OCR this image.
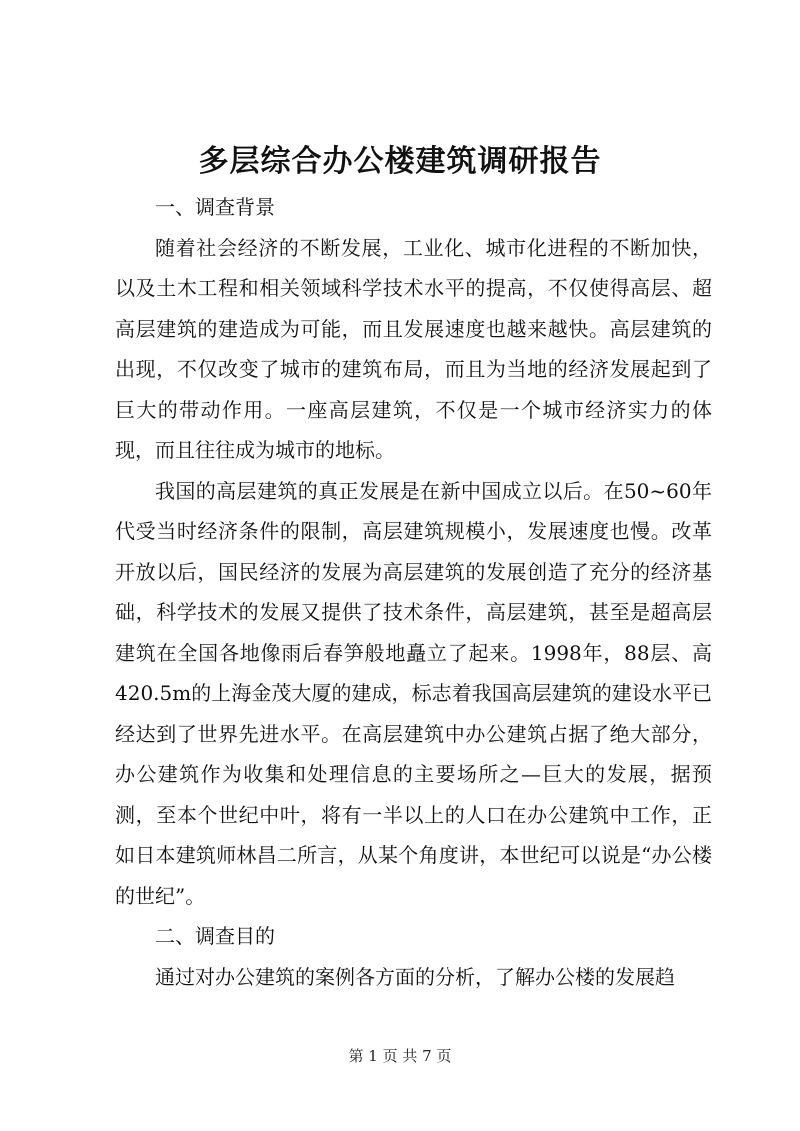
多层综合办公楼建筑调研报告
一、调查背景

随着社会经济的不断发展，工业化、城市化进程的不断加快，以及土木工程和相关领域科学技术水平的提高，不仅使得高层、超高层建筑的建造成为可能，而且发展速度也越来越快。高层建筑的出现，不仅改变了城市的建筑布局，而且为当地的经济发展起到了巨大的带动作用。一座高层建筑，不仅是一个城市经济实力的体现，而且往往成为城市的地标。

我国的高层建筑的真正发展是在新中国成立以后。在50~60年代受当时经济条件的限制，高层建筑规模小，发展速度也慢。改革开放以后，国民经济的发展为高层建筑的发展创造了充分的经济基础，科学技术的发展又提供了技术条件，高层建筑，甚至是超高层建筑在全国各地像雨后春笋般地矗立了起来。1998年，88层、高420.5m的上海金茂大厦的建成，标志着我国高层建筑的建设水平已经达到了世界先进水平。在高层建筑中办公建筑占据了绝大部分，办公建筑作为收集和处理信息的主要场所之—巨大的发展，据预测，至本个世纪中叶，将有一半以上的人口在办公建筑中工作，正如日本建筑师林昌二所言，从某个角度讲，本世纪可以说是“办公楼的世纪”。

二、调查目的

通过对办公建筑的案例各方面的分析，了解办公楼的发展趋

第 1 页 共 7 页
